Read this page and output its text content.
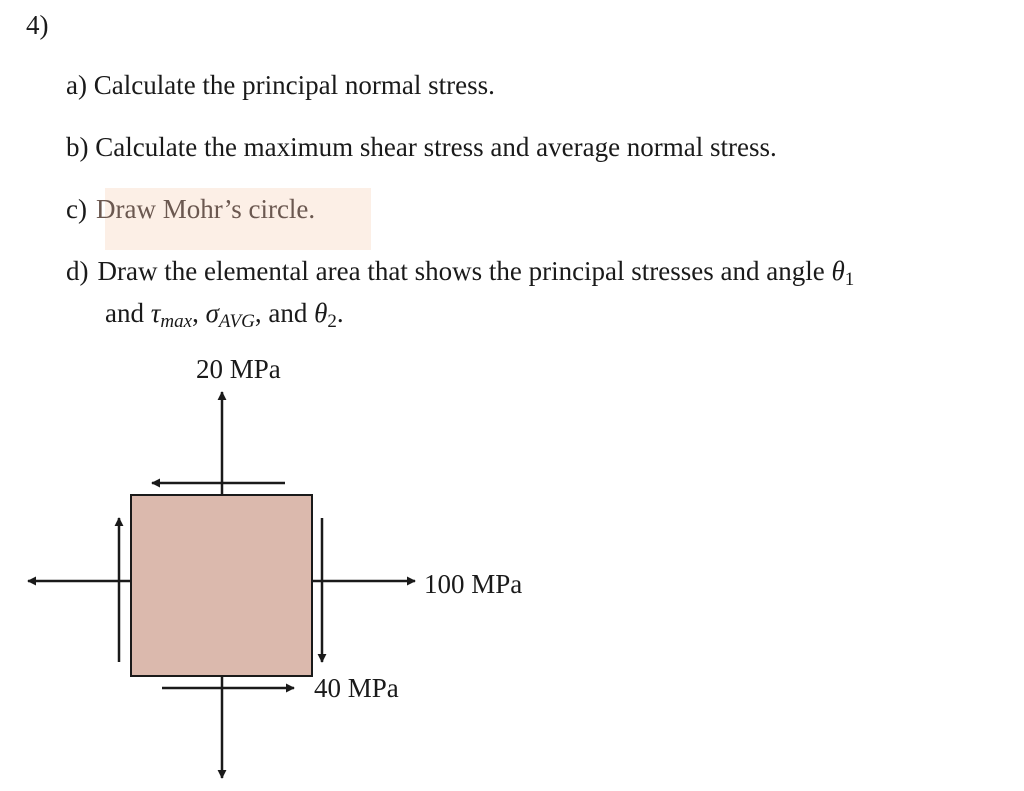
4)
a) Calculate the principal normal stress.
b) Calculate the maximum shear stress and average normal stress.
c) Draw Mohr’s circle.
d) Draw the elemental area that shows the principal stresses and angle θ1
and $\tau_{max}$, $\sigma_{AVG}$, and θ2.
20 MPa
100 MPa
40 MPa
